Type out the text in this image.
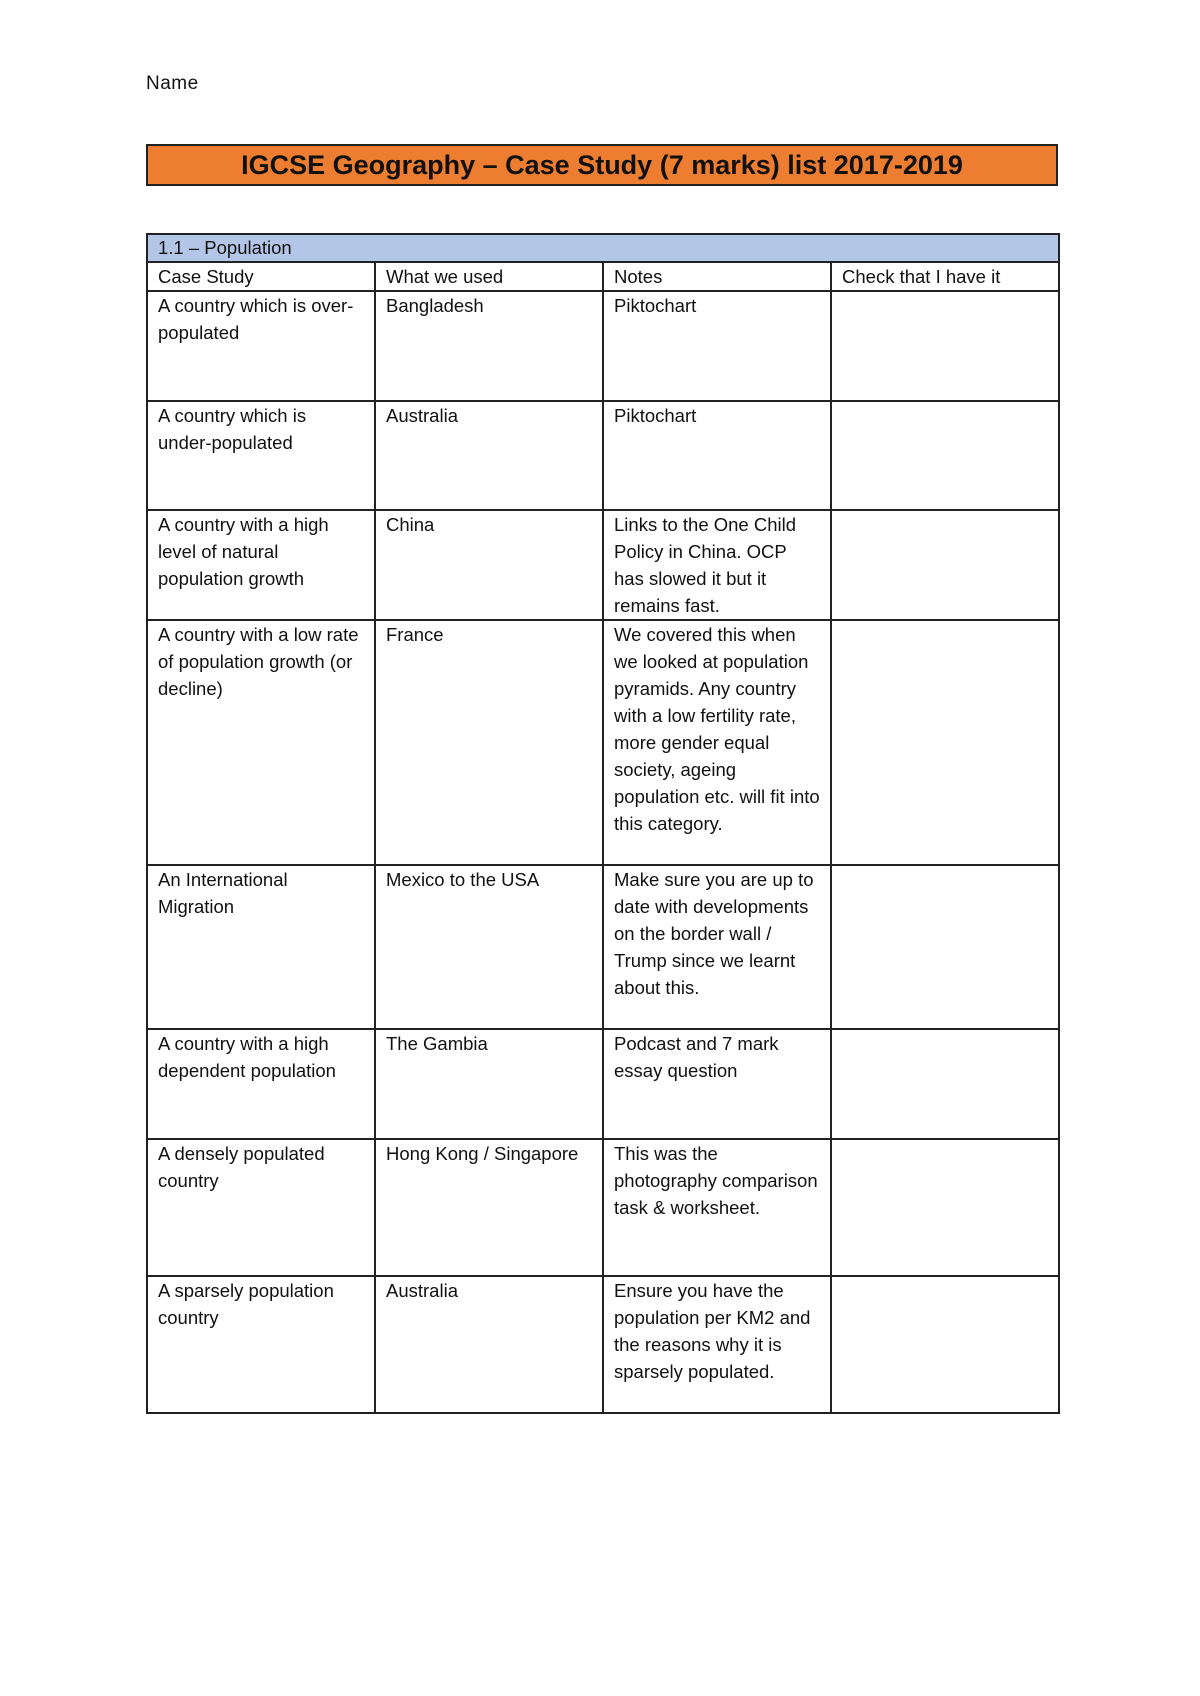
Name
IGCSE Geography – Case Study (7 marks) list 2017-2019
1.1 – Population			
Case Study	What we used	Notes	Check that I have it
A country which is over-populated	Bangladesh	Piktochart	
A country which is under-populated	Australia	Piktochart	
A country with a high level of natural population growth	China	Links to the One Child Policy in China. OCP has slowed it but it remains fast.	
A country with a low rate of population growth (or decline)	France	We covered this when we looked at population pyramids. Any country with a low fertility rate, more gender equal society, ageing population etc. will fit into this category.	
An International Migration	Mexico to the USA	Make sure you are up to date with developments on the border wall / Trump since we learnt about this.	
A country with a high dependent population	The Gambia	Podcast and 7 mark essay question	
A densely populated country	Hong Kong / Singapore	This was the photography comparison task & worksheet.	
A sparsely population country	Australia	Ensure you have the population per KM2 and the reasons why it is sparsely populated.	
